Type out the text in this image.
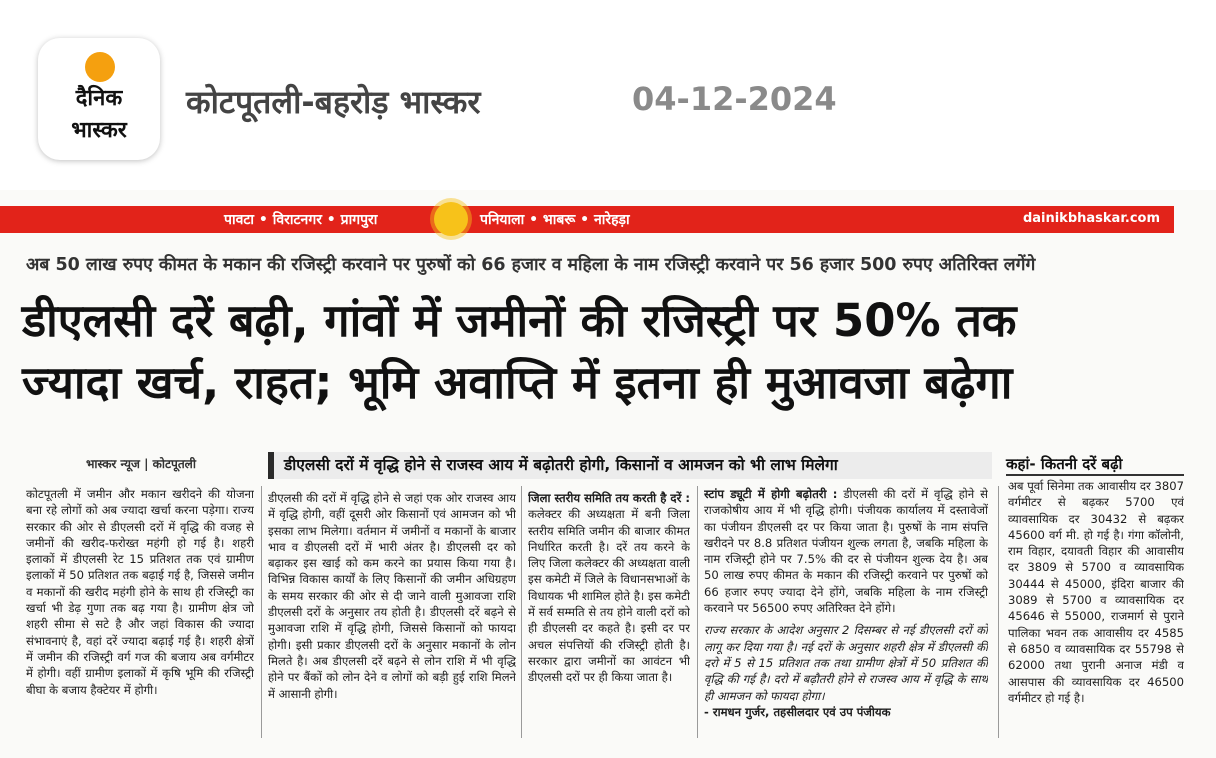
दैनिक
भास्कर
कोटपूतली-बहरोड़ भास्कर	04-12-2024
पावटा • विराटनगर • प्रागपुरा	पनियाला • भाबरू • नारेहड़ा	dainikbhaskar.com
अब 50 लाख रुपए कीमत के मकान की रजिस्ट्री करवाने पर पुरुषों को 66 हजार व महिला के नाम रजिस्ट्री करवाने पर 56 हजार 500 रुपए अतिरिक्त लगेंगे
डीएलसी दरें बढ़ी, गांवों में जमीनों की रजिस्ट्री पर 50% तक
ज्यादा खर्च, राहत; भूमि अवाप्ति में इतना ही मुआवजा बढ़ेगा
भास्कर न्यूज | कोटपूतली	डीएलसी दरों में वृद्धि होने से राजस्व आय में बढ़ोतरी होगी, किसानों व आमजन को भी लाभ मिलेगा	कहां- कितनी दरें बढ़ी
कोटपूतली में जमीन और मकान खरीदने की योजना बना रहे लोगों को अब ज्यादा खर्चा करना पड़ेगा। राज्य सरकार की ओर से डीएलसी दरों में वृद्धि की वजह से जमीनों की खरीद-फरोख्त महंगी हो गई है। शहरी इलाकों में डीएलसी रेट 15 प्रतिशत तक एवं ग्रामीण इलाकों में 50 प्रतिशत तक बढ़ाई गई है, जिससे जमीन व मकानों की खरीद महंगी होने के साथ ही रजिस्ट्री का खर्चा भी डेढ़ गुणा तक बढ़ गया है। ग्रामीण क्षेत्र जो शहरी सीमा से सटे है और जहां विकास की ज्यादा संभावनाएं है, वहां दरें ज्यादा बढ़ाई गई है। शहरी क्षेत्रों में जमीन की रजिस्ट्री वर्ग गज की बजाय अब वर्गमीटर में होगी। वहीं ग्रामीण इलाकों में कृषि भूमि की रजिस्ट्री बीघा के बजाय हैक्टेयर में होगी।
डीएलसी की दरों में वृद्धि होने से जहां एक ओर राजस्व आय में वृद्धि होगी, वहीं दूसरी ओर किसानों एवं आमजन को भी इसका लाभ मिलेगा। वर्तमान में जमीनों व मकानों के बाजार भाव व डीएलसी दरों में भारी अंतर है। डीएलसी दर को बढ़ाकर इस खाई को कम करने का प्रयास किया गया है। विभिन्न विकास कार्यों के लिए किसानों की जमीन अधिग्रहण के समय सरकार की ओर से दी जाने वाली मुआवजा राशि डीएलसी दरों के अनुसार तय होती है। डीएलसी दरें बढ़ने से मुआवजा राशि में वृद्धि होगी, जिससे किसानों को फायदा होगी। इसी प्रकार डीएलसी दरों के अनुसार मकानों के लोन मिलते है। अब डीएलसी दरें बढ़ने से लोन राशि में भी वृद्धि होने पर बैंकों को लोन देने व लोगों को बड़ी हुई राशि मिलने में आसानी होगी।
जिला स्तरीय समिति तय करती है दरें : कलेक्टर की अध्यक्षता में बनी जिला स्तरीय समिति जमीन की बाजार कीमत निर्धारित करती है। दरें तय करने के लिए जिला कलेक्टर की अध्यक्षता वाली इस कमेटी में जिले के विधानसभाओं के विधायक भी शामिल होते है। इस कमेटी में सर्व सम्मति से तय होने वाली दरों को ही डीएलसी दर कहते है। इसी दर पर अचल संपत्तियों की रजिस्ट्री होती है। सरकार द्वारा जमीनों का आवंटन भी डीएलसी दरों पर ही किया जाता है।
स्टांप ड्यूटी में होगी बढ़ोतरी : डीएलसी की दरों में वृद्धि होने से राजकोषीय आय में भी वृद्धि होगी। पंजीयक कार्यालय में दस्तावेजों का पंजीयन डीएलसी दर पर किया जाता है। पुरुषों के नाम संपत्ति खरीदने पर 8.8 प्रतिशत पंजीयन शुल्क लगता है, जबकि महिला के नाम रजिस्ट्री होने पर 7.5% की दर से पंजीयन शुल्क देय है। अब 50 लाख रुपए कीमत के मकान की रजिस्ट्री करवाने पर पुरुषों को 66 हजार रुपए ज्यादा देने होंगे, जबकि महिला के नाम रजिस्ट्री करवाने पर 56500 रुपए अतिरिक्त देने होंगे।
राज्य सरकार के आदेश अनुसार 2 दिसम्बर से नई डीएलसी दरों को लागू कर दिया गया है। नई दरों के अनुसार शहरी क्षेत्र में डीएलसी की दरो में 5 से 15 प्रतिशत तक तथा ग्रामीण क्षेत्रों में 50 प्रतिशत की वृद्धि की गई है। दरो में बढ़ौतरी होने से राजस्व आय में वृद्धि के साथ ही आमजन को फायदा होगा।
- रामधन गुर्जर, तहसीलदार एवं उप पंजीयक
अब पूर्वा सिनेमा तक आवासीय दर 3807 वर्गमीटर से बढ़कर 5700 एवं व्यावसायिक दर 30432 से बढ़कर 45600 वर्ग मी. हो गई है। गंगा कॉलोनी, राम विहार, दयावती विहार की आवासीय दर 3809 से 5700 व व्यावसायिक 30444 से 45000, इंदिरा बाजार की 3089 से 5700 व व्यावसायिक दर 45646 से 55000, राजमार्ग से पुराने पालिका भवन तक आवासीय दर 4585 से 6850 व व्यावसायिक दर 55798 से 62000 तथा पुरानी अनाज मंडी व आसपास की व्यावसायिक दर 46500 वर्गमीटर हो गई है।
